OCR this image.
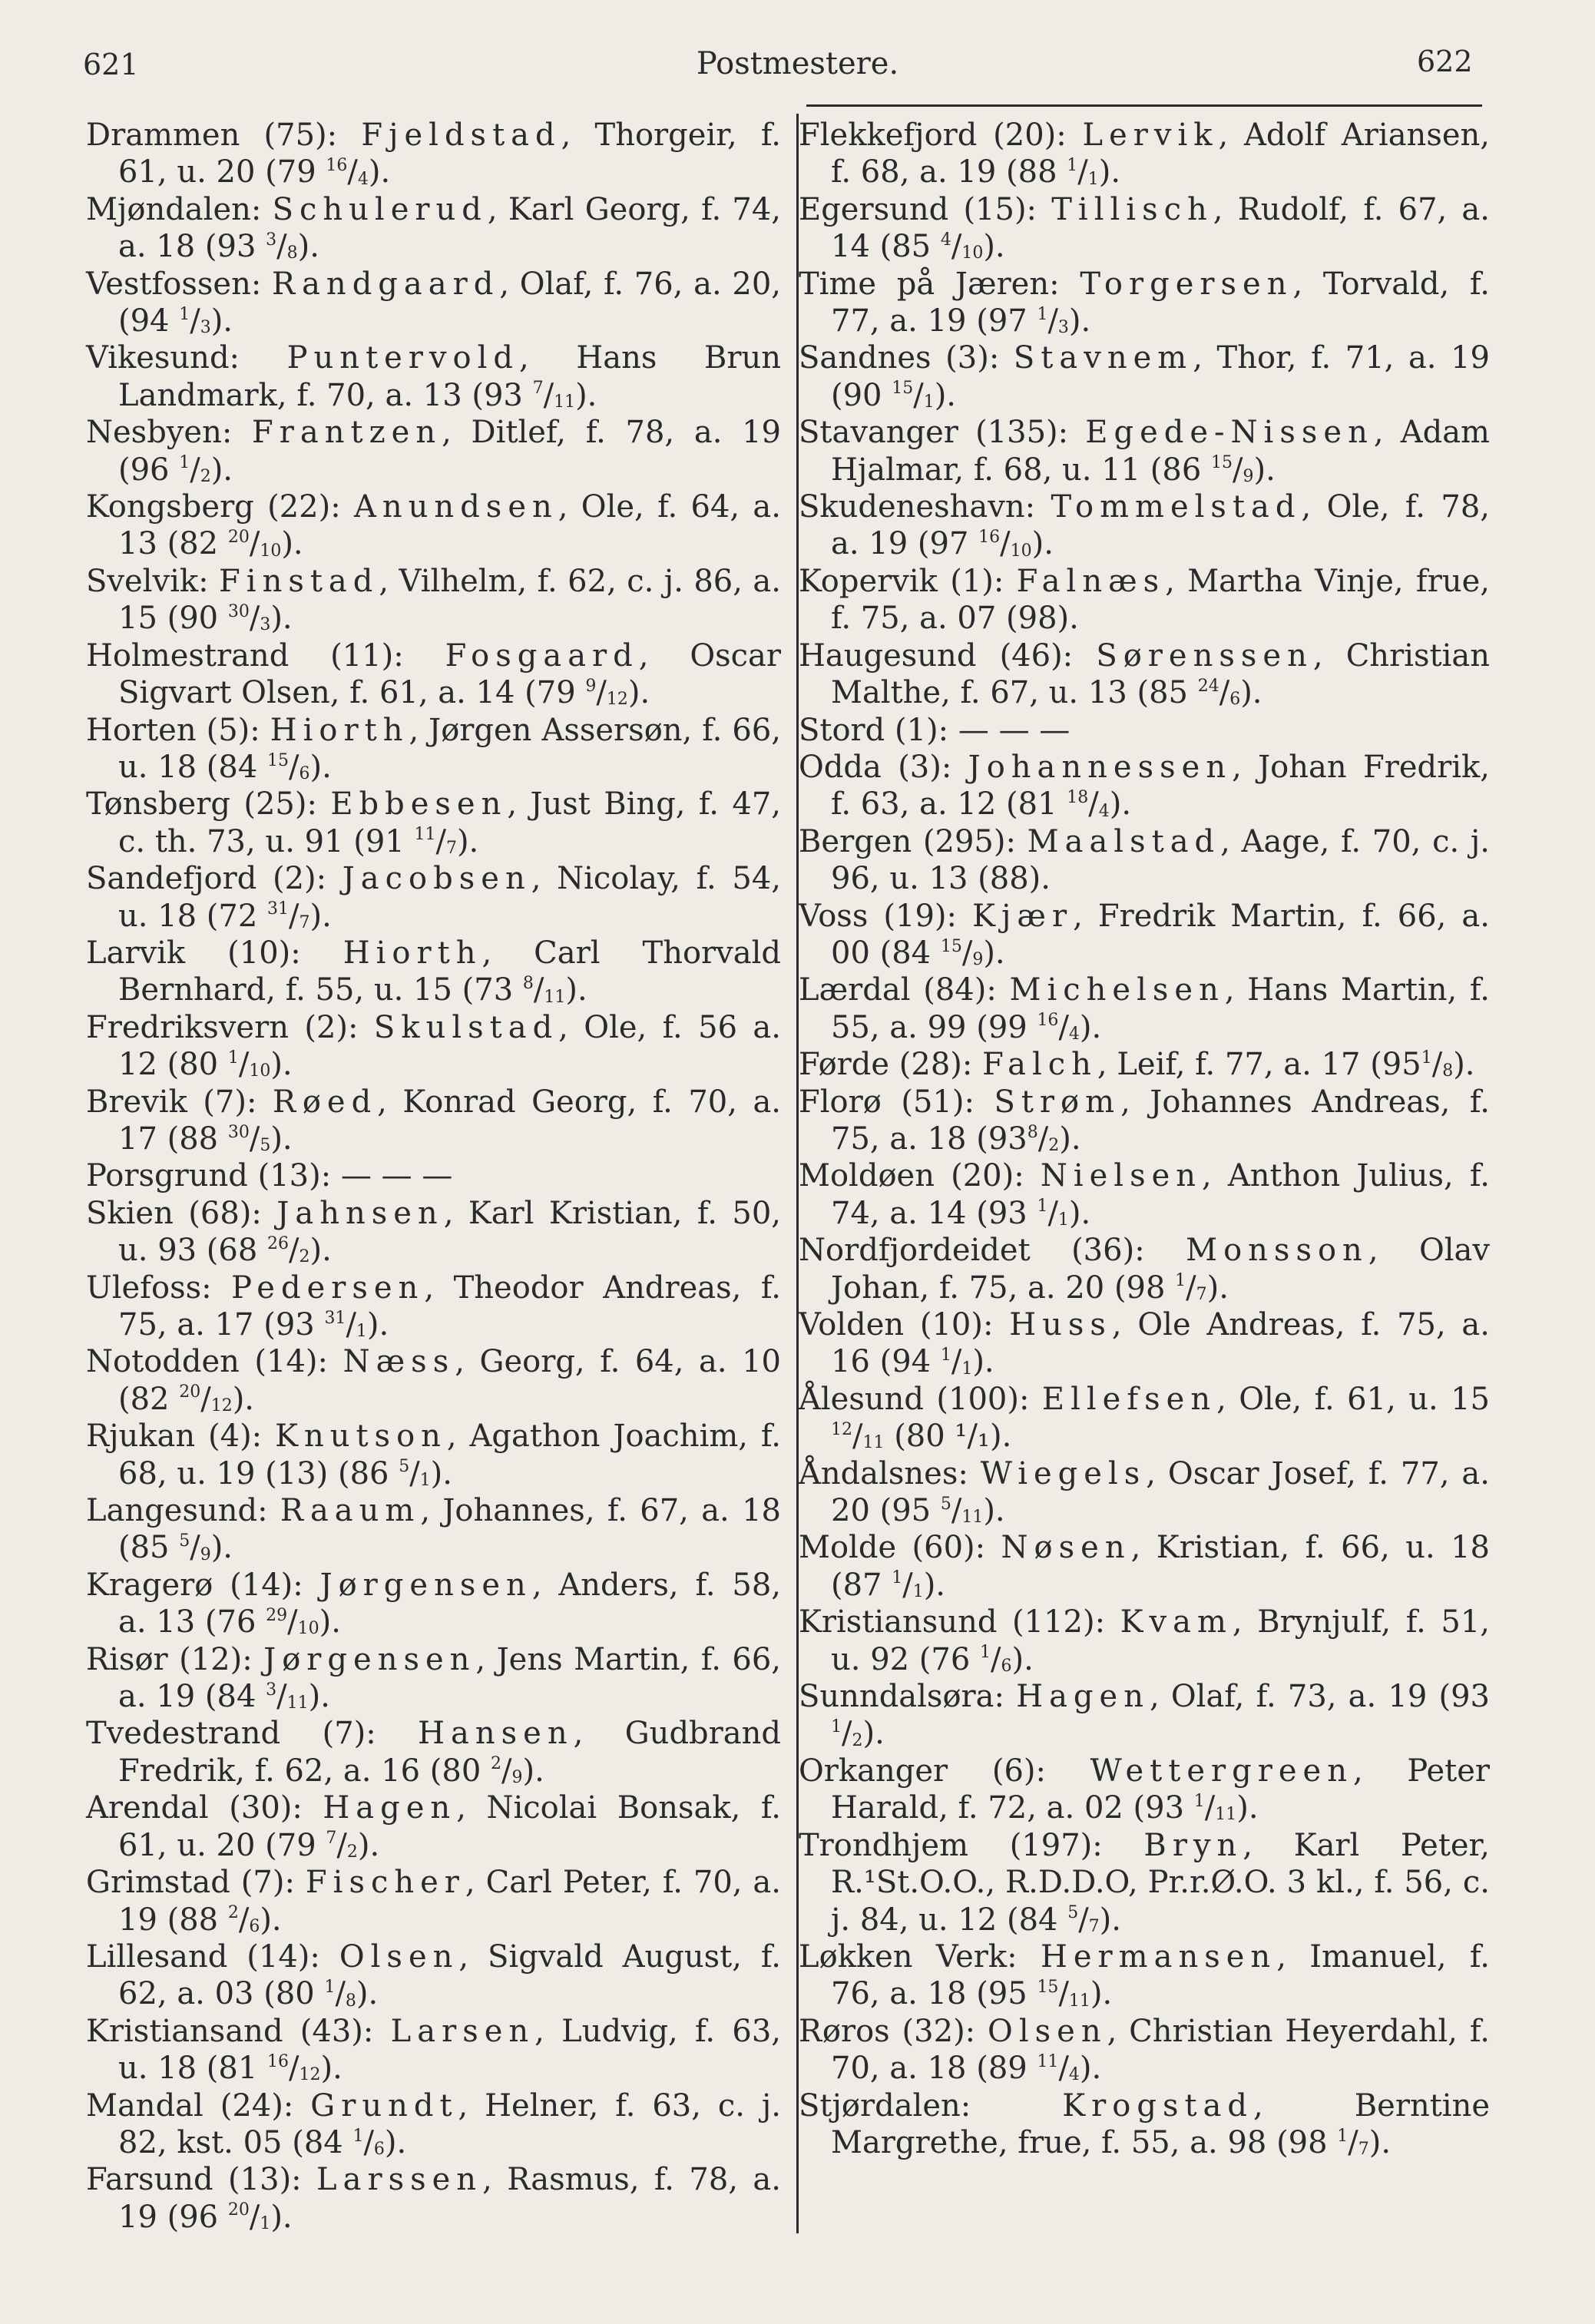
621	Postmestere.	622
Drammen (75): Fjeldstad, Thorgeir, f. 61, u. 20 (79 $^{16}/_4$).
Mjøndalen: Schulerud, Karl Georg, f. 74, a. 18 (93 $^3/_8$).
Vestfossen: Randgaard, Olaf, f. 76, a. 20, (94 $^1/_3$).
Vikesund: Puntervold, Hans Brun Landmark, f. 70, a. 13 (93 $^7/_{11}$).
Nesbyen: Frantzen, Ditlef, f. 78, a. 19 (96 $^1/_2$).
Kongsberg (22): Anundsen, Ole, f. 64, a. 13 (82 $^{20}/_{10}$).
Svelvik: Finstad, Vilhelm, f. 62, c. j. 86, a. 15 (90 $^{30}/_3$).
Holmestrand (11): Fosgaard, Oscar Sigvart Olsen, f. 61, a. 14 (79 $^9/_{12}$).
Horten (5): Hiorth, Jørgen Assersøn, f. 66, u. 18 (84 $^{15}/_6$).
Tønsberg (25): Ebbesen, Just Bing, f. 47, c. th. 73, u. 91 (91 $^{11}/_7$).
Sandefjord (2): Jacobsen, Nicolay, f. 54, u. 18 (72 $^{31}/_7$).
Larvik (10): Hiorth, Carl Thorvald Bernhard, f. 55, u. 15 (73 $^8/_{11}$).
Fredriksvern (2): Skulstad, Ole, f. 56 a. 12 (80 $^1/_{10}$).
Brevik (7): Røed, Konrad Georg, f. 70, a. 17 (88 $^{30}/_5$).
Porsgrund (13): — — —
Skien (68): Jahnsen, Karl Kristian, f. 50, u. 93 (68 $^{26}/_2$).
Ulefoss: Pedersen, Theodor Andreas, f. 75, a. 17 (93 $^{31}/_1$).
Notodden (14): Næss, Georg, f. 64, a. 10 (82 $^{20}/_{12}$).
Rjukan (4): Knutson, Agathon Joachim, f. 68, u. 19 (13) (86 $^5/_1$).
Langesund: Raaum, Johannes, f. 67, a. 18 (85 $^5/_9$).
Kragerø (14): Jørgensen, Anders, f. 58, a. 13 (76 $^{29}/_{10}$).
Risør (12): Jørgensen, Jens Martin, f. 66, a. 19 (84 $^3/_{11}$).
Tvedestrand (7): Hansen, Gudbrand Fredrik, f. 62, a. 16 (80 $^2/_9$).
Arendal (30): Hagen, Nicolai Bonsak, f. 61, u. 20 (79 $^7/_2$).
Grimstad (7): Fischer, Carl Peter, f. 70, a. 19 (88 $^2/_6$).
Lillesand (14): Olsen, Sigvald August, f. 62, a. 03 (80 $^1/_8$).
Kristiansand (43): Larsen, Ludvig, f. 63, u. 18 (81 $^{16}/_{12}$).
Mandal (24): Grundt, Helner, f. 63, c. j. 82, kst. 05 (84 $^1/_6$).
Farsund (13): Larssen, Rasmus, f. 78, a. 19 (96 $^{20}/_1$).
Flekkefjord (20): Lervik, Adolf Ariansen, f. 68, a. 19 (88 $^1/_1$).
Egersund (15): Tillisch, Rudolf, f. 67, a. 14 (85 $^4/_{10}$).
Time på Jæren: Torgersen, Torvald, f. 77, a. 19 (97 $^1/_3$).
Sandnes (3): Stavnem, Thor, f. 71, a. 19 (90 $^{15}/_1$).
Stavanger (135): Egede-Nissen, Adam Hjalmar, f. 68, u. 11 (86 $^{15}/_9$).
Skudeneshavn: Tommelstad, Ole, f. 78, a. 19 (97 $^{16}/_{10}$).
Kopervik (1): Falnæs, Martha Vinje, frue, f. 75, a. 07 (98).
Haugesund (46): Sørenssen, Christian Malthe, f. 67, u. 13 (85 $^{24}/_6$).
Stord (1): — — —
Odda (3): Johannessen, Johan Fredrik, f. 63, a. 12 (81 $^{18}/_4$).
Bergen (295): Maalstad, Aage, f. 70, c. j. 96, u. 13 (88).
Voss (19): Kjær, Fredrik Martin, f. 66, a. 00 (84 $^{15}/_9$).
Lærdal (84): Michelsen, Hans Martin, f. 55, a. 99 (99 $^{16}/_4$).
Førde (28): Falch, Leif, f. 77, a. 17 $(95^1/_8)$.
Florø (51): Strøm, Johannes Andreas, f. 75, a. 18 $(93^8/_2)$.
Moldøen (20): Nielsen, Anthon Julius, f. 74, a. 14 (93 $^1/_1$).
Nordfjordeidet (36): Monsson, Olav Johan, f. 75, a. 20 (98 $^1/_7$).
Volden (10): Huss, Ole Andreas, f. 75, a. 16 (94 $^1/_1$).
Ålesund (100): Ellefsen, Ole, f. 61, u. 15 $^{12}/_{11}$ (80 ¹/₁).
Åndalsnes: Wiegels, Oscar Josef, f. 77, a. 20 (95 $^5/_{11}$).
Molde (60): Nøsen, Kristian, f. 66, u. 18 (87 $^1/_1$).
Kristiansund (112): Kvam, Brynjulf, f. 51, u. 92 (76 $^1/_6$).
Sunndalsøra: Hagen, Olaf, f. 73, a. 19 (93 $^1/_2$).
Orkanger (6): Wettergreen, Peter Harald, f. 72, a. 02 (93 $^1/_{11}$).
Trondhjem (197): Bryn, Karl Peter, R.¹St.O.O., R.D.D.O, Pr.r.Ø.O. 3 kl., f. 56, c. j. 84, u. 12 (84 $^5/_7$).
Løkken Verk: Hermansen, Imanuel, f. 76, a. 18 (95 $^{15}/_{11}$).
Røros (32): Olsen, Christian Heyerdahl, f. 70, a. 18 (89 $^{11}/_4$).
Stjørdalen: Krogstad, Berntine Margrethe, frue, f. 55, a. 98 (98 $^1/_7$).
